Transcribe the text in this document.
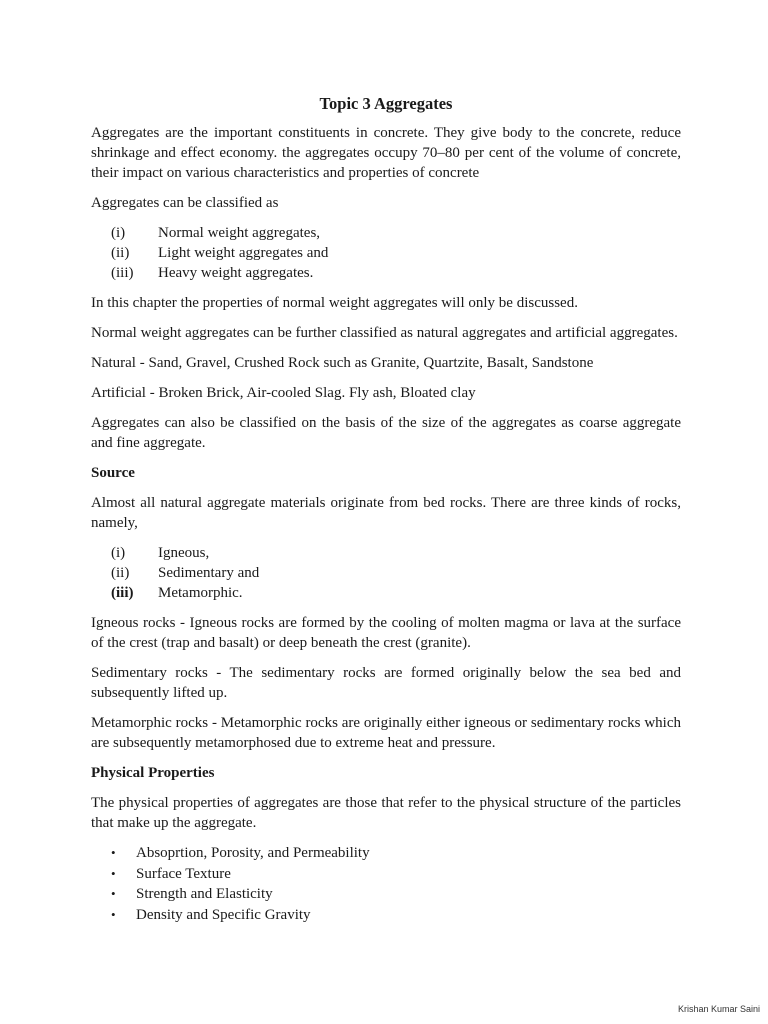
Topic 3 Aggregates

Aggregates are the important constituents in concrete. They give body to the concrete, reduce shrinkage and effect economy. the aggregates occupy 70–80 per cent of the volume of concrete, their impact on various characteristics and properties of concrete

Aggregates can be classified as

(i)	Normal weight aggregates,
(ii)	Light weight aggregates and
(iii)	Heavy weight aggregates.

In this chapter the properties of normal weight aggregates will only be discussed.

Normal weight aggregates can be further classified as natural aggregates and artificial aggregates.

Natural - Sand, Gravel, Crushed Rock such as Granite, Quartzite, Basalt, Sandstone

Artificial - Broken Brick, Air-cooled Slag. Fly ash, Bloated clay

Aggregates can also be classified on the basis of the size of the aggregates as coarse aggregate and fine aggregate.

Source

Almost all natural aggregate materials originate from bed rocks. There are three kinds of rocks, namely,

(i)	Igneous,
(ii)	Sedimentary and
(iii)	Metamorphic.

Igneous rocks - Igneous rocks are formed by the cooling of molten magma or lava at the surface of the crest (trap and basalt) or deep beneath the crest (granite).

Sedimentary rocks - The sedimentary rocks are formed originally below the sea bed and subsequently lifted up.

Metamorphic rocks - Metamorphic rocks are originally either igneous or sedimentary rocks which are subsequently metamorphosed due to extreme heat and pressure.

Physical Properties

The physical properties of aggregates are those that refer to the physical structure of the particles that make up the aggregate.

•	Absoprtion, Porosity, and Permeability
•	Surface Texture
•	Strength and Elasticity
•	Density and Specific Gravity
Krishan Kumar Saini
